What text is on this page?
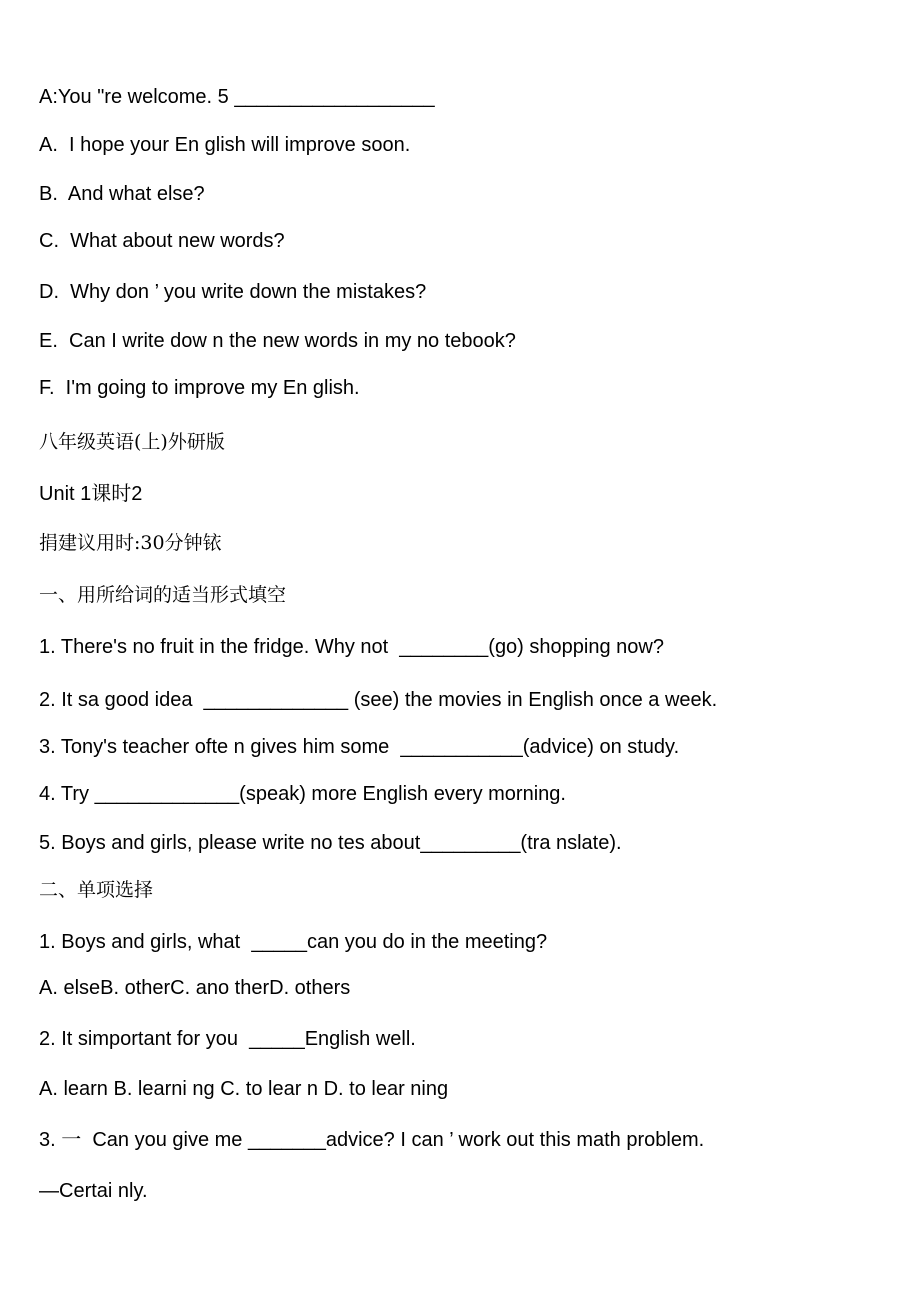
A:You "re welcome. 5 __________________

A.  I hope your En glish will improve soon.

B.  And what else?

C.  What about new words?

D.  Why don ’ you write down the mistakes?

E.  Can I write dow n the new words in my no tebook?

F.  I'm going to improve my En glish.

八年级英语(上)外研版

Unit 1课时2

捐建议用时:30分钟铱

一、用所给词的适当形式填空

1. There's no fruit in the fridge. Why not  ________(go) shopping now?

2. It sa good idea  _____________ (see) the movies in English once a week.

3. Tony's teacher ofte n gives him some  ___________(advice) on study.

4. Try _____________(speak) more English every morning.

5. Boys and girls, please write no tes about_________(tra nslate).

二、单项选择

1. Boys and girls, what  _____can you do in the meeting?

A. elseB. otherC. ano therD. others

2. It simportant for you  _____English well.

A. learn B. learni ng C. to lear n D. to lear ning

3. 一  Can you give me _______advice? I can ’ work out this math problem.

—Certai nly.
